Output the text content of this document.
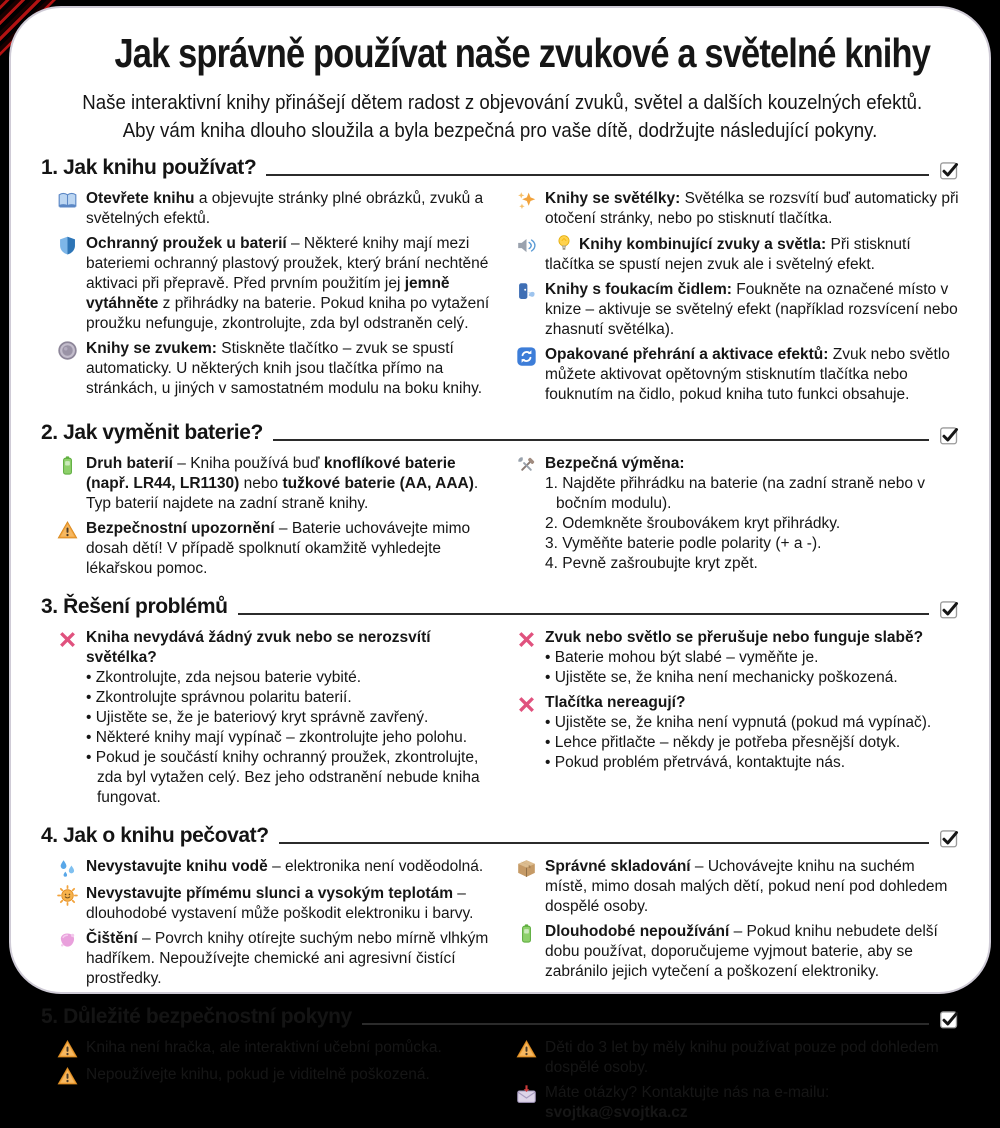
Jak správně používat naše zvukové a světelné knihy
Naše interaktivní knihy přinášejí dětem radost z objevování zvuků, světel a dalších kouzelných efektů.
Aby vám kniha dlouho sloužila a byla bezpečná pro vaše dítě, dodržujte následující pokyny.
1. Jak knihu používat?
Otevřete knihu a objevujte stránky plné obrázků, zvuků a světelných efektů.
Ochranný proužek u baterií – Některé knihy mají mezi bateriemi ochranný plastový proužek, který brání nechtěné aktivaci při přepravě. Před prvním použitím jej jemně vytáhněte z přihrádky na baterie. Pokud kniha po vytažení proužku nefunguje, zkontrolujte, zda byl odstraněn celý.
Knihy se zvukem: Stiskněte tlačítko – zvuk se spustí automaticky. U některých knih jsou tlačítka přímo na stránkách, u jiných v samostatném modulu na boku knihy.
Knihy se světélky: Světélka se rozsvítí buď automaticky při otočení stránky, nebo po stisknutí tlačítka.
Knihy kombinující zvuky a světla: Při stisknutí tlačítka se spustí nejen zvuk ale i světelný efekt.
Knihy s foukacím čidlem: Foukněte na označené místo v knize – aktivuje se světelný efekt (například rozsvícení nebo zhasnutí světélka).
Opakované přehrání a aktivace efektů: Zvuk nebo světlo můžete aktivovat opětovným stisknutím tlačítka nebo fouknutím na čidlo, pokud kniha tuto funkci obsahuje.
2. Jak vyměnit baterie?
Druh baterií – Kniha používá buď knoflíkové baterie (např. LR44, LR1130) nebo tužkové baterie (AA, AAA). Typ baterií najdete na zadní straně knihy.
Bezpečnostní upozornění – Baterie uchovávejte mimo dosah dětí! V případě spolknutí okamžitě vyhledejte lékařskou pomoc.
Bezpečná výměna:
1. Najděte přihrádku na baterie (na zadní straně nebo v bočním modulu).
2. Odemkněte šroubovákem kryt přihrádky.
3. Vyměňte baterie podle polarity (+ a -).
4. Pevně zašroubujte kryt zpět.
3. Řešení problémů
Kniha nevydává žádný zvuk nebo se nerozsvítí světélka?
• Zkontrolujte, zda nejsou baterie vybité.
• Zkontrolujte správnou polaritu baterií.
• Ujistěte se, že je bateriový kryt správně zavřený.
• Některé knihy mají vypínač – zkontrolujte jeho polohu.
• Pokud je součástí knihy ochranný proužek, zkontrolujte, zda byl vytažen celý. Bez jeho odstranění nebude kniha fungovat.
Zvuk nebo světlo se přerušuje nebo funguje slabě?
• Baterie mohou být slabé – vyměňte je.
• Ujistěte se, že kniha není mechanicky poškozená.
Tlačítka nereagují?
• Ujistěte se, že kniha není vypnutá (pokud má vypínač).
• Lehce přitlačte – někdy je potřeba přesnější dotyk.
• Pokud problém přetrvává, kontaktujte nás.
4. Jak o knihu pečovat?
Nevystavujte knihu vodě – elektronika není voděodolná.
Nevystavujte přímému slunci a vysokým teplotám – dlouhodobé vystavení může poškodit elektroniku i barvy.
Čištění – Povrch knihy otírejte suchým nebo mírně vlhkým hadříkem. Nepoužívejte chemické ani agresivní čistící prostředky.
Správné skladování – Uchovávejte knihu na suchém místě, mimo dosah malých dětí, pokud není pod dohledem dospělé osoby.
Dlouhodobé nepoužívání – Pokud knihu nebudete delší dobu používat, doporučujeme vyjmout baterie, aby se zabránilo jejich vytečení a poškození elektroniky.
5. Důležité bezpečnostní pokyny
Kniha není hračka, ale interaktivní učební pomůcka.
Nepoužívejte knihu, pokud je viditelně poškozená.
Děti do 3 let by měly knihu používat pouze pod dohledem dospělé osoby.
Máte otázky? Kontaktujte nás na e-mailu: svojtka@svojtka.cz
